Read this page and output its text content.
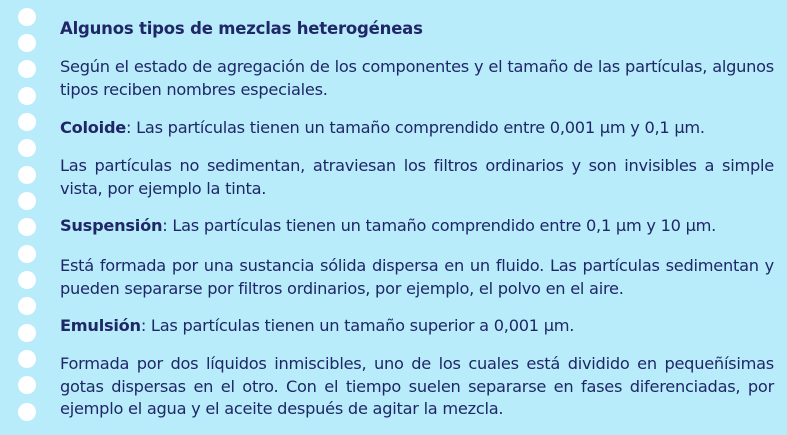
Algunos tipos de mezclas heterogéneas

Según el estado de agregación de los componentes y el tamaño de las partículas, algunos tipos reciben nombres especiales.

Coloide: Las partículas tienen un tamaño comprendido entre 0,001 μm y 0,1 μm.

Las partículas no sedimentan, atraviesan los filtros ordinarios y son invisibles a simple vista, por ejemplo la tinta.

Suspensión: Las partículas tienen un tamaño comprendido entre 0,1 μm y 10 μm.

Está formada por una sustancia sólida dispersa en un fluido. Las partículas sedimentan y pueden separarse por filtros ordinarios, por ejemplo, el polvo en el aire.

Emulsión: Las partículas tienen un tamaño superior a 0,001 μm.

Formada por dos líquidos inmiscibles, uno de los cuales está dividido en pequeñísimas gotas dispersas en el otro. Con el tiempo suelen separarse en fases diferenciadas, por ejemplo el agua y el aceite después de agitar la mezcla.
